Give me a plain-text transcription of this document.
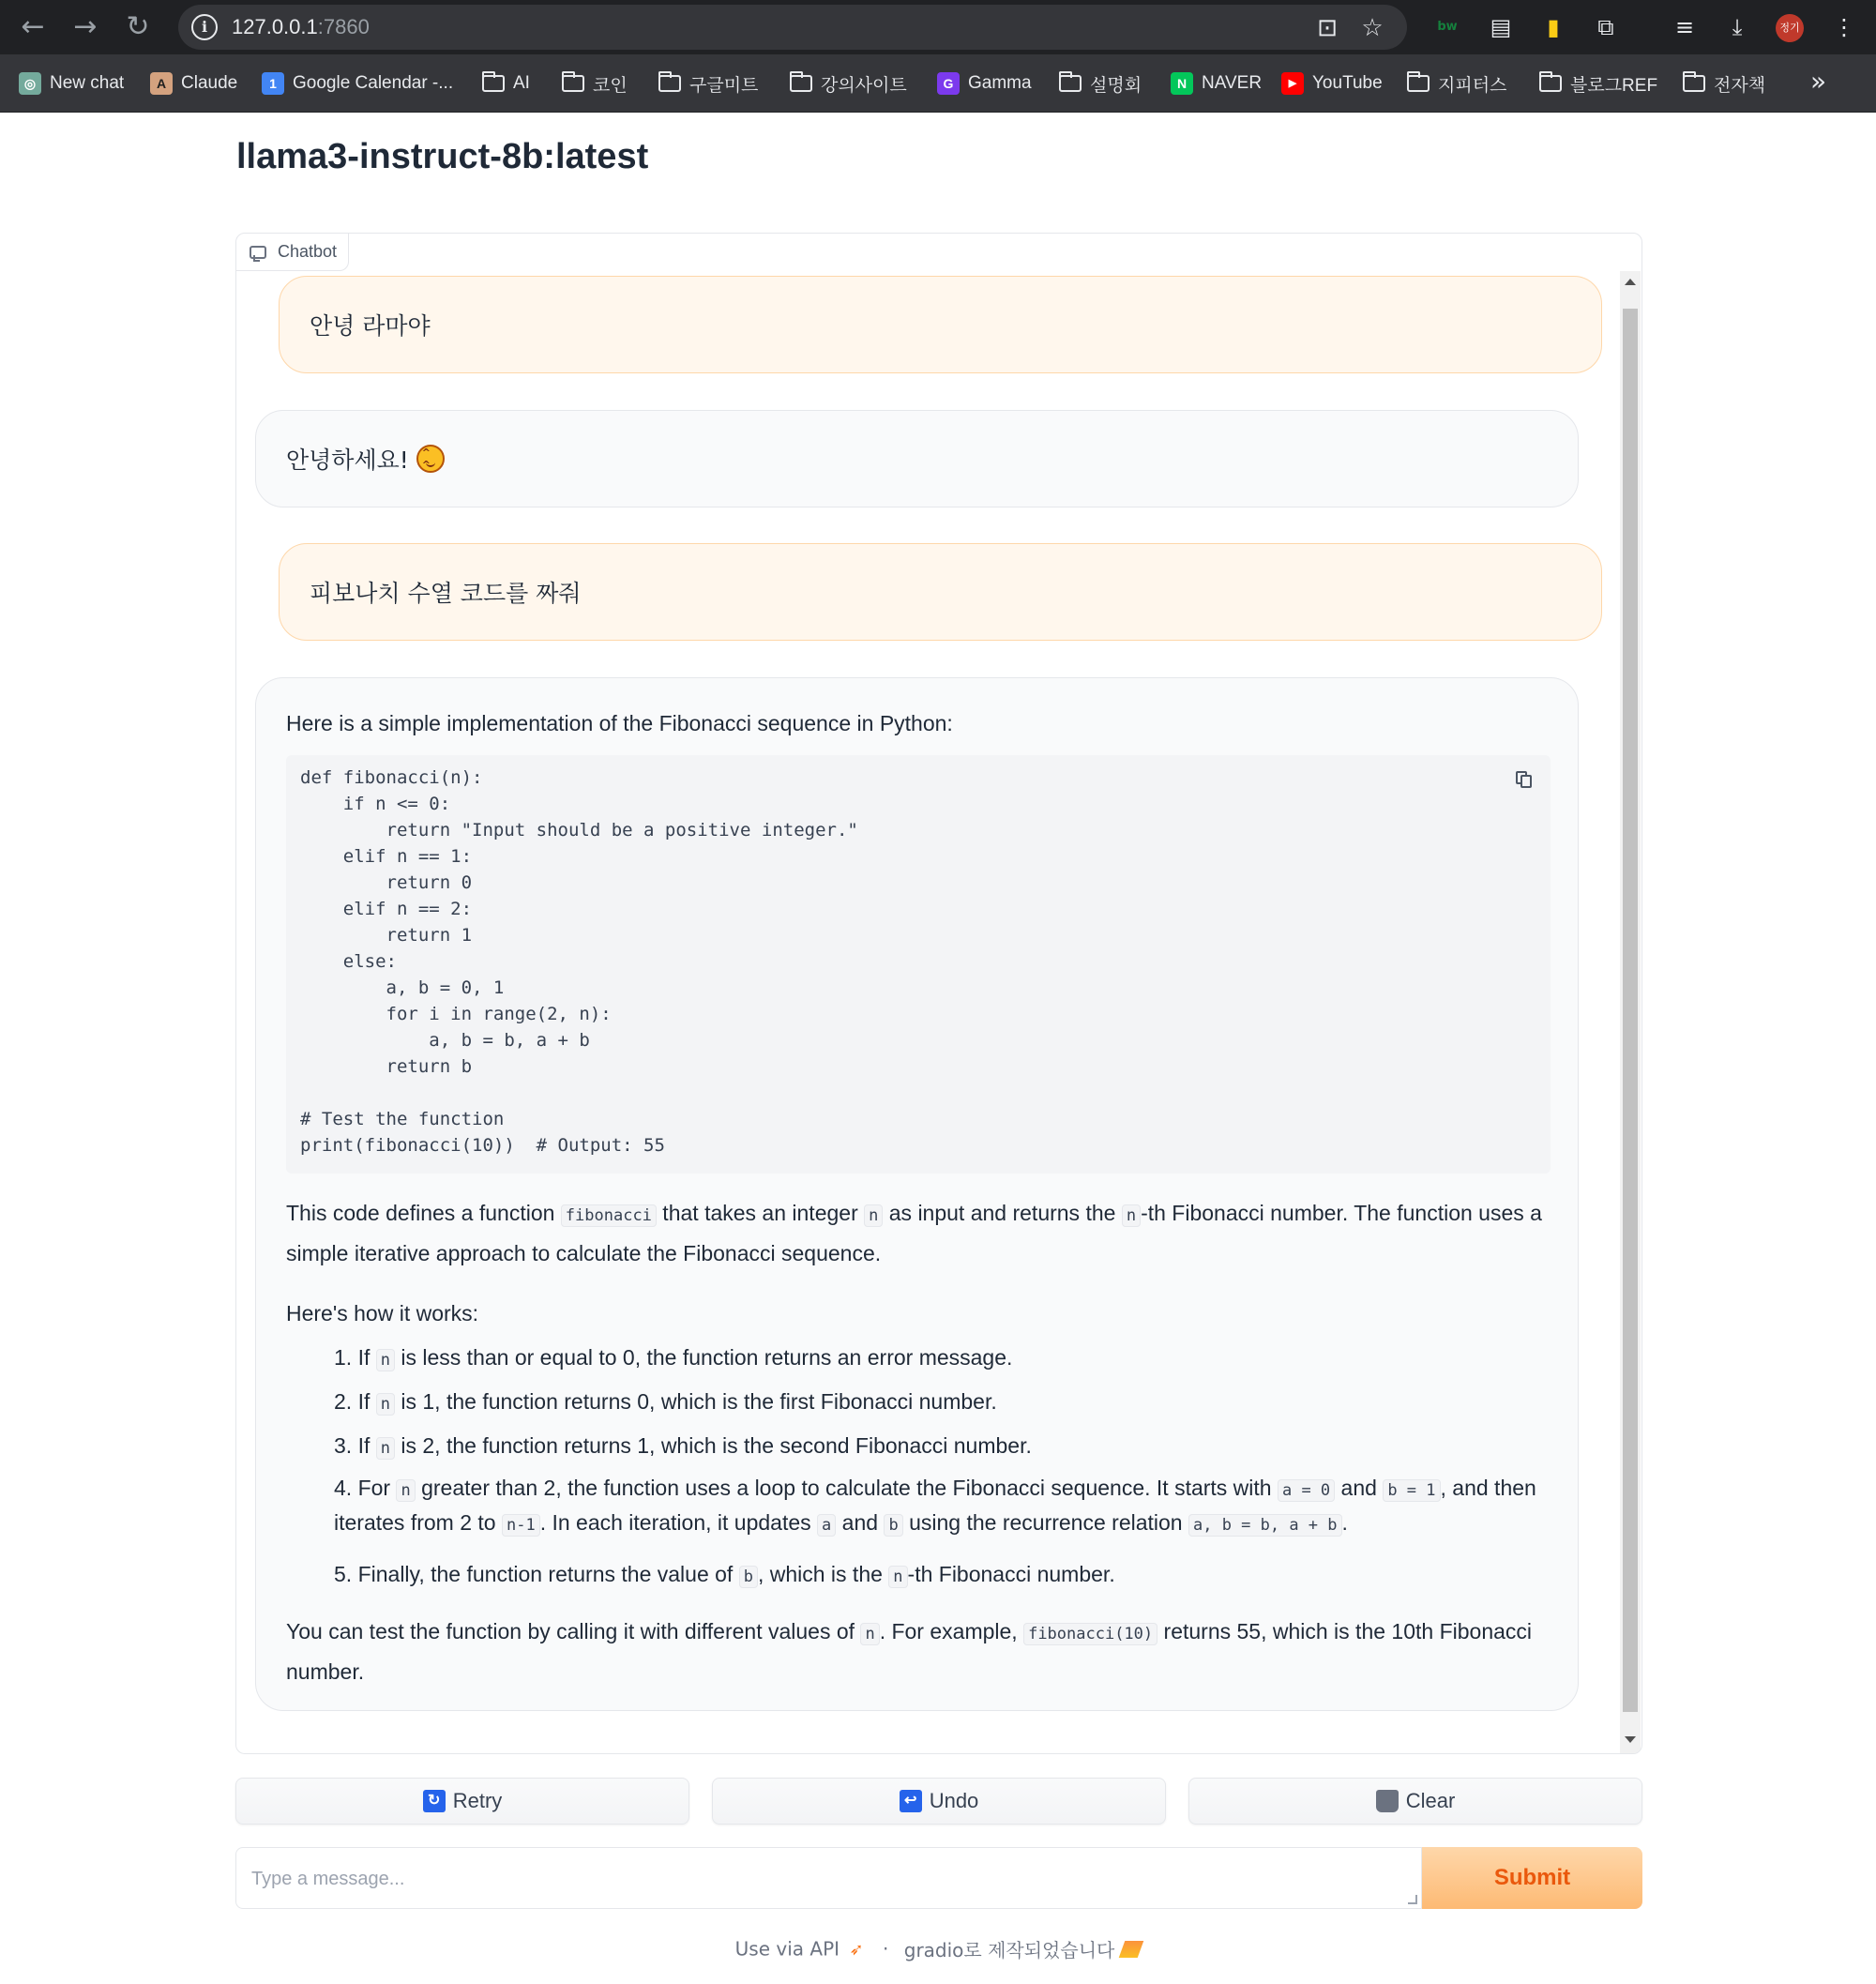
← → ↻	i	127.0.0.1:7860	⊡ ☆	bw ▤	▮	⧉	≡	⤓	정기 ⋮
◎ New chat	A Claude	1 Google Calendar -...	AI	코인	구글미트	강의사이트	G Gamma	설명회	N NAVER	▶ YouTube	지피터스	블로그REF	전자책 »
llama3-instruct-8b:latest
Chatbot
안녕 라마야
안녕하세요!
^ ^
피보나치 수열 코드를 짜줘

Here is a simple implementation of the Fibonacci sequence in Python:

def fibonacci(n):
if n <= 0:
return "Input should be a positive integer."
elif n == 1:
return 0
elif n == 2:
return 1
else:
a, b = 0, 1
for i in range(2, n):
a, b = b, a + b
return b

# Test the function
print(fibonacci(10))  # Output: 55

This code defines a function fibonacci that takes an integer n as input and returns the n -th Fibonacci number. The function uses a simple iterative approach to calculate the Fibonacci sequence.

Here's how it works:

1. If n is less than or equal to 0, the function returns an error message.
2. If n is 1, the function returns 0, which is the first Fibonacci number.
3. If n is 2, the function returns 1, which is the second Fibonacci number.
4. For n greater than 2, the function uses a loop to calculate the Fibonacci sequence. It starts with a = 0 and b = 1 , and then iterates from 2 to n-1 . In each iteration, it updates a and b using the recurrence relation a, b = b, a + b .
5. Finally, the function returns the value of b , which is the n -th Fibonacci number.

You can test the function by calling it with different values of n . For example, fibonacci(10) returns 55, which is the 10th Fibonacci number.

↻ Retry	↩ Undo	Clear
Type a message...	Submit
Use via API ➶ · gradio로 제작되었습니다
